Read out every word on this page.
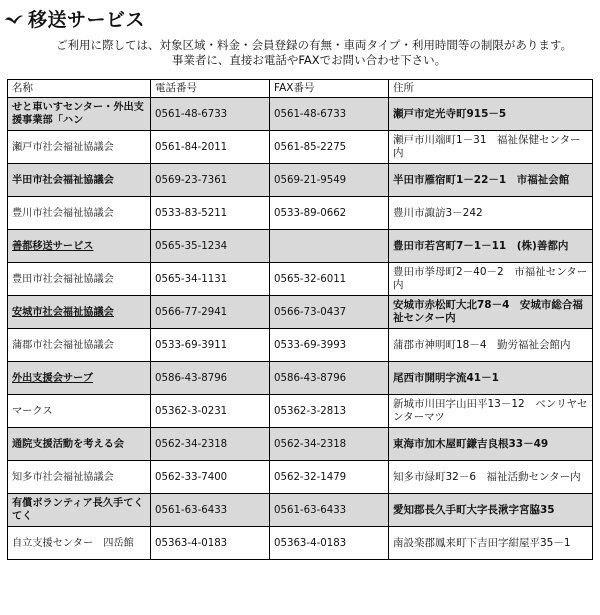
移送サービス
ご利用に際しては、対象区域・料金・会員登録の有無・車両タイプ・利用時間等の制限があります。
事業者に、直接お電話やFAXでお問い合わせ下さい。
名称	電話番号	FAX番号	住所
せと車いすセンター・外出支援事業部「ハン	0561-48-6733	0561-48-6733	瀬戸市定光寺町915－5
瀬戸市社会福祉協議会	0561-84-2011	0561-85-2275	瀬戸市川端町1－31　福祉保健センター内
半田市社会福祉協議会	0569-23-7361	0569-21-9549	半田市雁宿町1－22－1　市福祉会館
豊川市社会福祉協議会	0533-83-5211	0533-89-0662	豊川市諏訪3－242
善都移送サービス	0565-35-1234		豊田市若宮町7－1－11　(株)善都内
豊田市社会福祉協議会	0565-34-1131	0565-32-6011	豊田市挙母町2－40－2　市福祉センター内
安城市社会福祉協議会	0566-77-2941	0566-73-0437	安城市赤松町大北78－4　安城市総合福祉センター内
蒲郡市社会福祉協議会	0533-69-3911	0533-69-3993	蒲郡市神明町18－4　勤労福祉会館内
外出支援会サーブ	0586-43-8796	0586-43-8796	尾西市開明字流41－1
マークス	05362-3-0231	05362-3-2813	新城市川田字山田平13－12　ベンリヤセンターマツ
通院支援活動を考える会	0562-34-2318	0562-34-2318	東海市加木屋町鎌吉良根33－49
知多市社会福祉協議会	0562-33-7400	0562-32-1479	知多市緑町32－6　福祉活動センター内
有償ボランティア長久手てくてく	0561-63-6433	0561-63-6433	愛知郡長久手町大字長湫字宮脇35
自立支援センター　四岳館	05363-4-0183	05363-4-0183	南設楽郡鳳来町下吉田字紺屋平35－1
